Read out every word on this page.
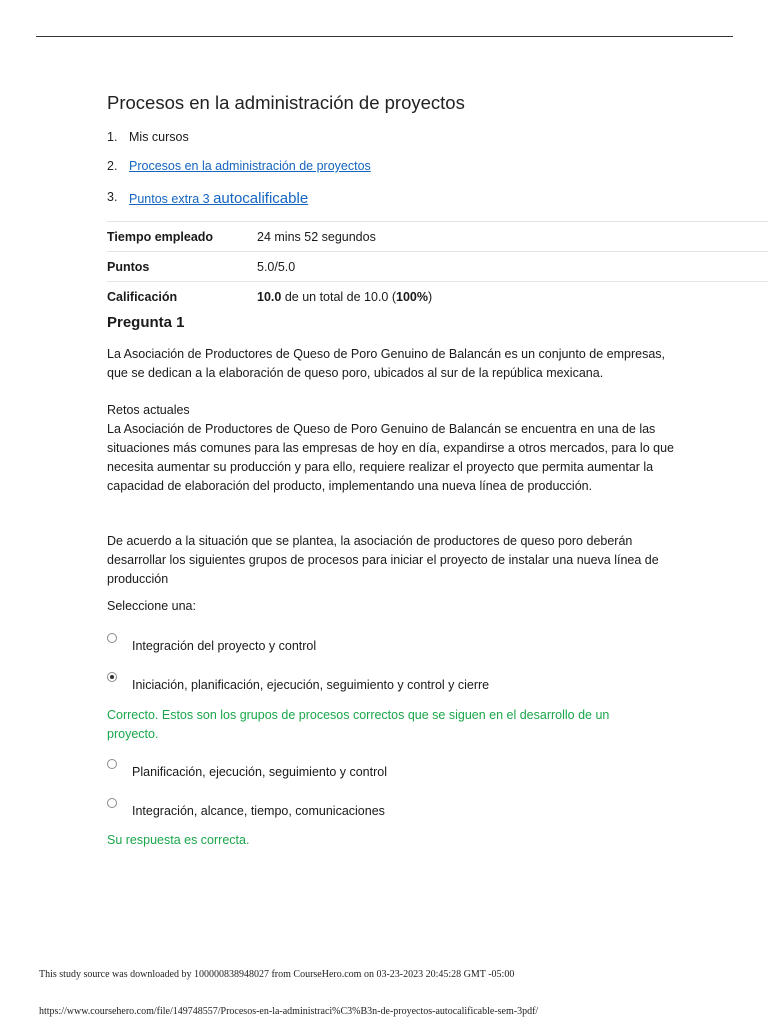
Procesos en la administración de proyectos
1. Mis cursos
2. Procesos en la administración de proyectos
3. Puntos extra 3 autocalificable
Tiempo empleado	24 mins 52 segundos
Puntos	5.0/5.0
Calificación	10.0 de un total de 10.0 (100%)
Pregunta 1

La Asociación de Productores de Queso de Poro Genuino de Balancán es un conjunto de empresas, que se dedican a la elaboración de queso poro, ubicados al sur de la república mexicana.

Retos actuales
La Asociación de Productores de Queso de Poro Genuino de Balancán se encuentra en una de las situaciones más comunes para las empresas de hoy en día, expandirse a otros mercados, para lo que necesita aumentar su producción y para ello, requiere realizar el proyecto que permita aumentar la capacidad de elaboración del producto, implementando una nueva línea de producción.

De acuerdo a la situación que se plantea, la asociación de productores de queso poro deberán desarrollar los siguientes grupos de procesos para iniciar el proyecto de instalar una nueva línea de producción

Seleccione una:

Integración del proyecto y control
Iniciación, planificación, ejecución, seguimiento y control y cierre

Correcto. Estos son los grupos de procesos correctos que se siguen en el desarrollo de un proyecto.

Planificación, ejecución, seguimiento y control
Integración, alcance, tiempo, comunicaciones

Su respuesta es correcta.

This study source was downloaded by 100000838948027 from CourseHero.com on 03-23-2023 20:45:28 GMT -05:00
https://www.coursehero.com/file/149748557/Procesos-en-la-administraci%C3%B3n-de-proyectos-autocalificable-sem-3pdf/
